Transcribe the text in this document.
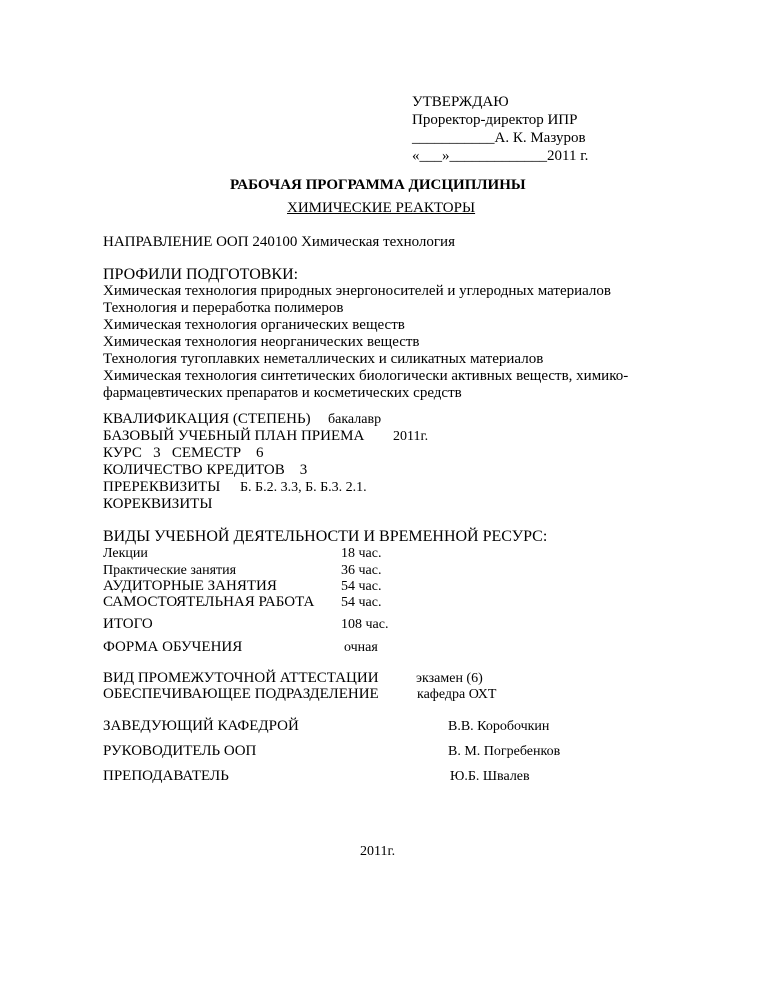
УТВЕРЖДАЮ
Проректор-директор ИПР
___________А. К. Мазуров
«___»_____________2011 г.
РАБОЧАЯ ПРОГРАММА ДИСЦИПЛИНЫ
ХИМИЧЕСКИЕ РЕАКТОРЫ
НАПРАВЛЕНИЕ ООП 240100 Химическая технология
ПРОФИЛИ ПОДГОТОВКИ:
Химическая технология природных энергоносителей и углеродных материалов
Технология и переработка полимеров
Химическая технология органических веществ
Химическая технология неорганических веществ
Технология тугоплавких неметаллических и силикатных материалов
Химическая технология синтетических биологически активных веществ, химико-
фармацевтических препаратов и косметических средств
КВАЛИФИКАЦИЯ (СТЕПЕНЬ) бакалавр
БАЗОВЫЙ УЧЕБНЫЙ ПЛАН ПРИЕМА 2011г.
КУРС   3   СЕМЕСТР    6
КОЛИЧЕСТВО КРЕДИТОВ    3
ПРЕРЕКВИЗИТЫ Б. Б.2. 3.3, Б. Б.3. 2.1.
КОРЕКВИЗИТЫ
ВИДЫ УЧЕБНОЙ ДЕЯТЕЛЬНОСТИ И ВРЕМЕННОЙ РЕСУРС:
Лекции	18 час.
Практические занятия	36 час.
АУДИТОРНЫЕ ЗАНЯТИЯ	54 час.
САМОСТОЯТЕЛЬНАЯ РАБОТА 54 час.
ИТОГО	108 час.
ФОРМА ОБУЧЕНИЯ	очная
ВИД ПРОМЕЖУТОЧНОЙ АТТЕСТАЦИИ	экзамен (6)
ОБЕСПЕЧИВАЮЩЕЕ ПОДРАЗДЕЛЕНИЕ	кафедра ОХТ
ЗАВЕДУЮЩИЙ КАФЕДРОЙ	В.В. Коробочкин
РУКОВОДИТЕЛЬ ООП	В. М. Погребенков
ПРЕПОДАВАТЕЛЬ	Ю.Б. Швалев
2011г.
